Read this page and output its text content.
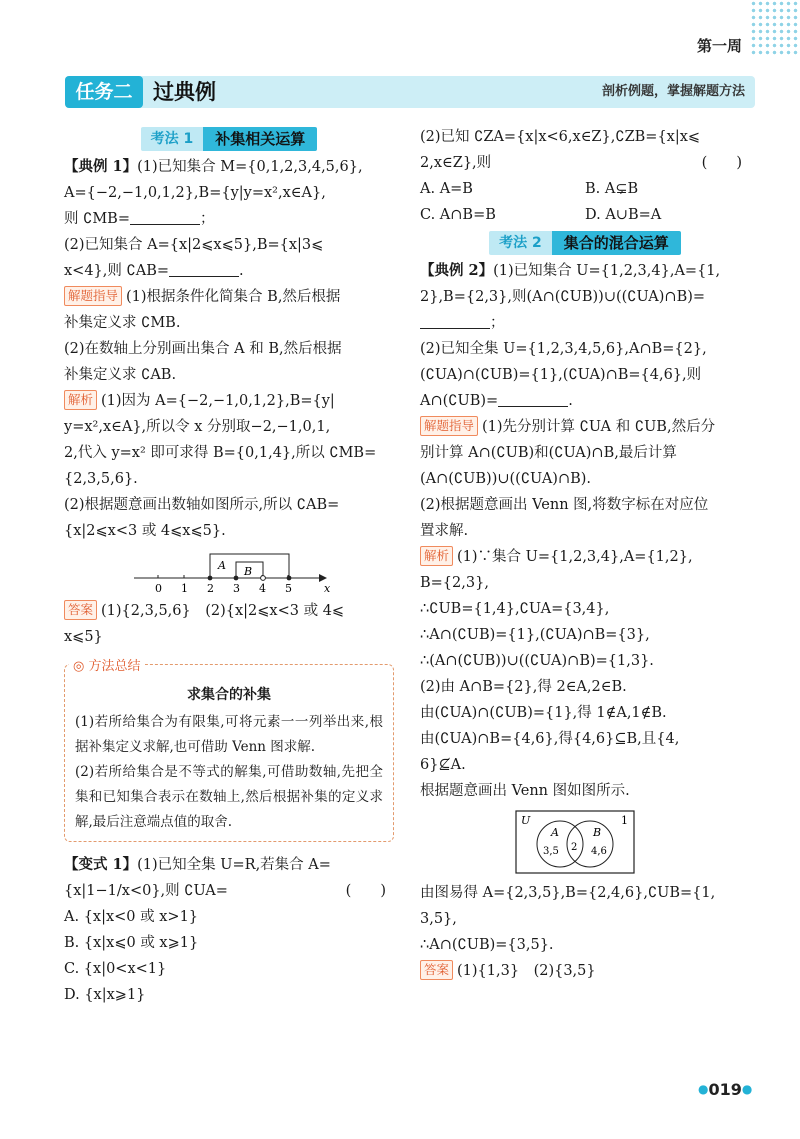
第一周
任务二 过典例	剖析例题，掌握解题方法
考法 1	补集相关运算

【典例 1】(1)已知集合 M={0,1,2,3,4,5,6},
A={−2,−1,0,1,2},B={y|y=x²,x∈A},
则 ∁MB=	；
(2)已知集合 A={x|2⩽x⩽5},B={x|3⩽
x<4},则 ∁AB=	.

解题指导 (1)根据条件化简集合 B,然后根据
补集定义求 ∁MB.
(2)在数轴上分别画出集合 A 和 B,然后根据
补集定义求 ∁AB.

解析 (1)因为 A={−2,−1,0,1,2},B={y|
y=x²,x∈A},所以令 x 分别取−2,−1,0,1,
2,代入 y=x² 即可求得 B={0,1,4},所以 ∁MB=
{2,3,5,6}.
(2)根据题意画出数轴如图所示,所以 ∁AB=
{x|2⩽x<3 或 4⩽x⩽5}.

0 1 2 3 4 5
A B
x

答案 (1){2,3,5,6}　(2){x|2⩽x<3 或 4⩽
x⩽5}

◎ 方法总结
求集合的补集
(1)若所给集合为有限集,可将元素一一列举出来,根据补集定义求解,也可借助 Venn 图求解.
(2)若所给集合是不等式的解集,可借助数轴,先把全集和已知集合表示在数轴上,然后根据补集的定义求解,最后注意端点值的取舍.

【变式 1】(1)已知全集 U=R,若集合 A=
{x|1−1/x<0},则 ∁UA=	(　　)

A. {x|x<0 或 x>1}
B. {x|x⩽0 或 x⩾1}
C. {x|0<x<1}
D. {x|x⩾1}

(2)已知 ∁ZA={x|x<6,x∈Z},∁ZB={x|x⩽
2,x∈Z},则	(　　)

A. A=B	B. A⊊B
C. A∩B=B	D. A∪B=A
考法 2	集合的混合运算

【典例 2】(1)已知集合 U={1,2,3,4},A={1,
2},B={2,3},则(A∩(∁UB))∪((∁UA)∩B)=
；
(2)已知全集 U={1,2,3,4,5,6},A∩B={2},
(∁UA)∩(∁UB)={1},(∁UA)∩B={4,6},则
A∩(∁UB)=	.

解题指导 (1)先分别计算 ∁UA 和 ∁UB,然后分
别计算 A∩(∁UB)和(∁UA)∩B,最后计算
(A∩(∁UB))∪((∁UA)∩B).
(2)根据题意画出 Venn 图,将数字标在对应位
置求解.

解析 (1)∵集合 U={1,2,3,4},A={1,2},
B={2,3},
∴∁UB={1,4},∁UA={3,4},
∴A∩(∁UB)={1},(∁UA)∩B={3},
∴(A∩(∁UB))∪((∁UA)∩B)={1,3}.
(2)由 A∩B={2},得 2∈A,2∈B.
由(∁UA)∩(∁UB)={1},得 1∉A,1∉B.
由(∁UA)∩B={4,6},得{4,6}⊆B,且{4,
6}⊈A.
根据题意画出 Venn 图如图所示.

U	1
A	B
3,5 2 4,6

由图易得 A={2,3,5},B={2,4,6},∁UB={1,
3,5},
∴A∩(∁UB)={3,5}.

答案 (1){1,3}　(2){3,5}

●019●
